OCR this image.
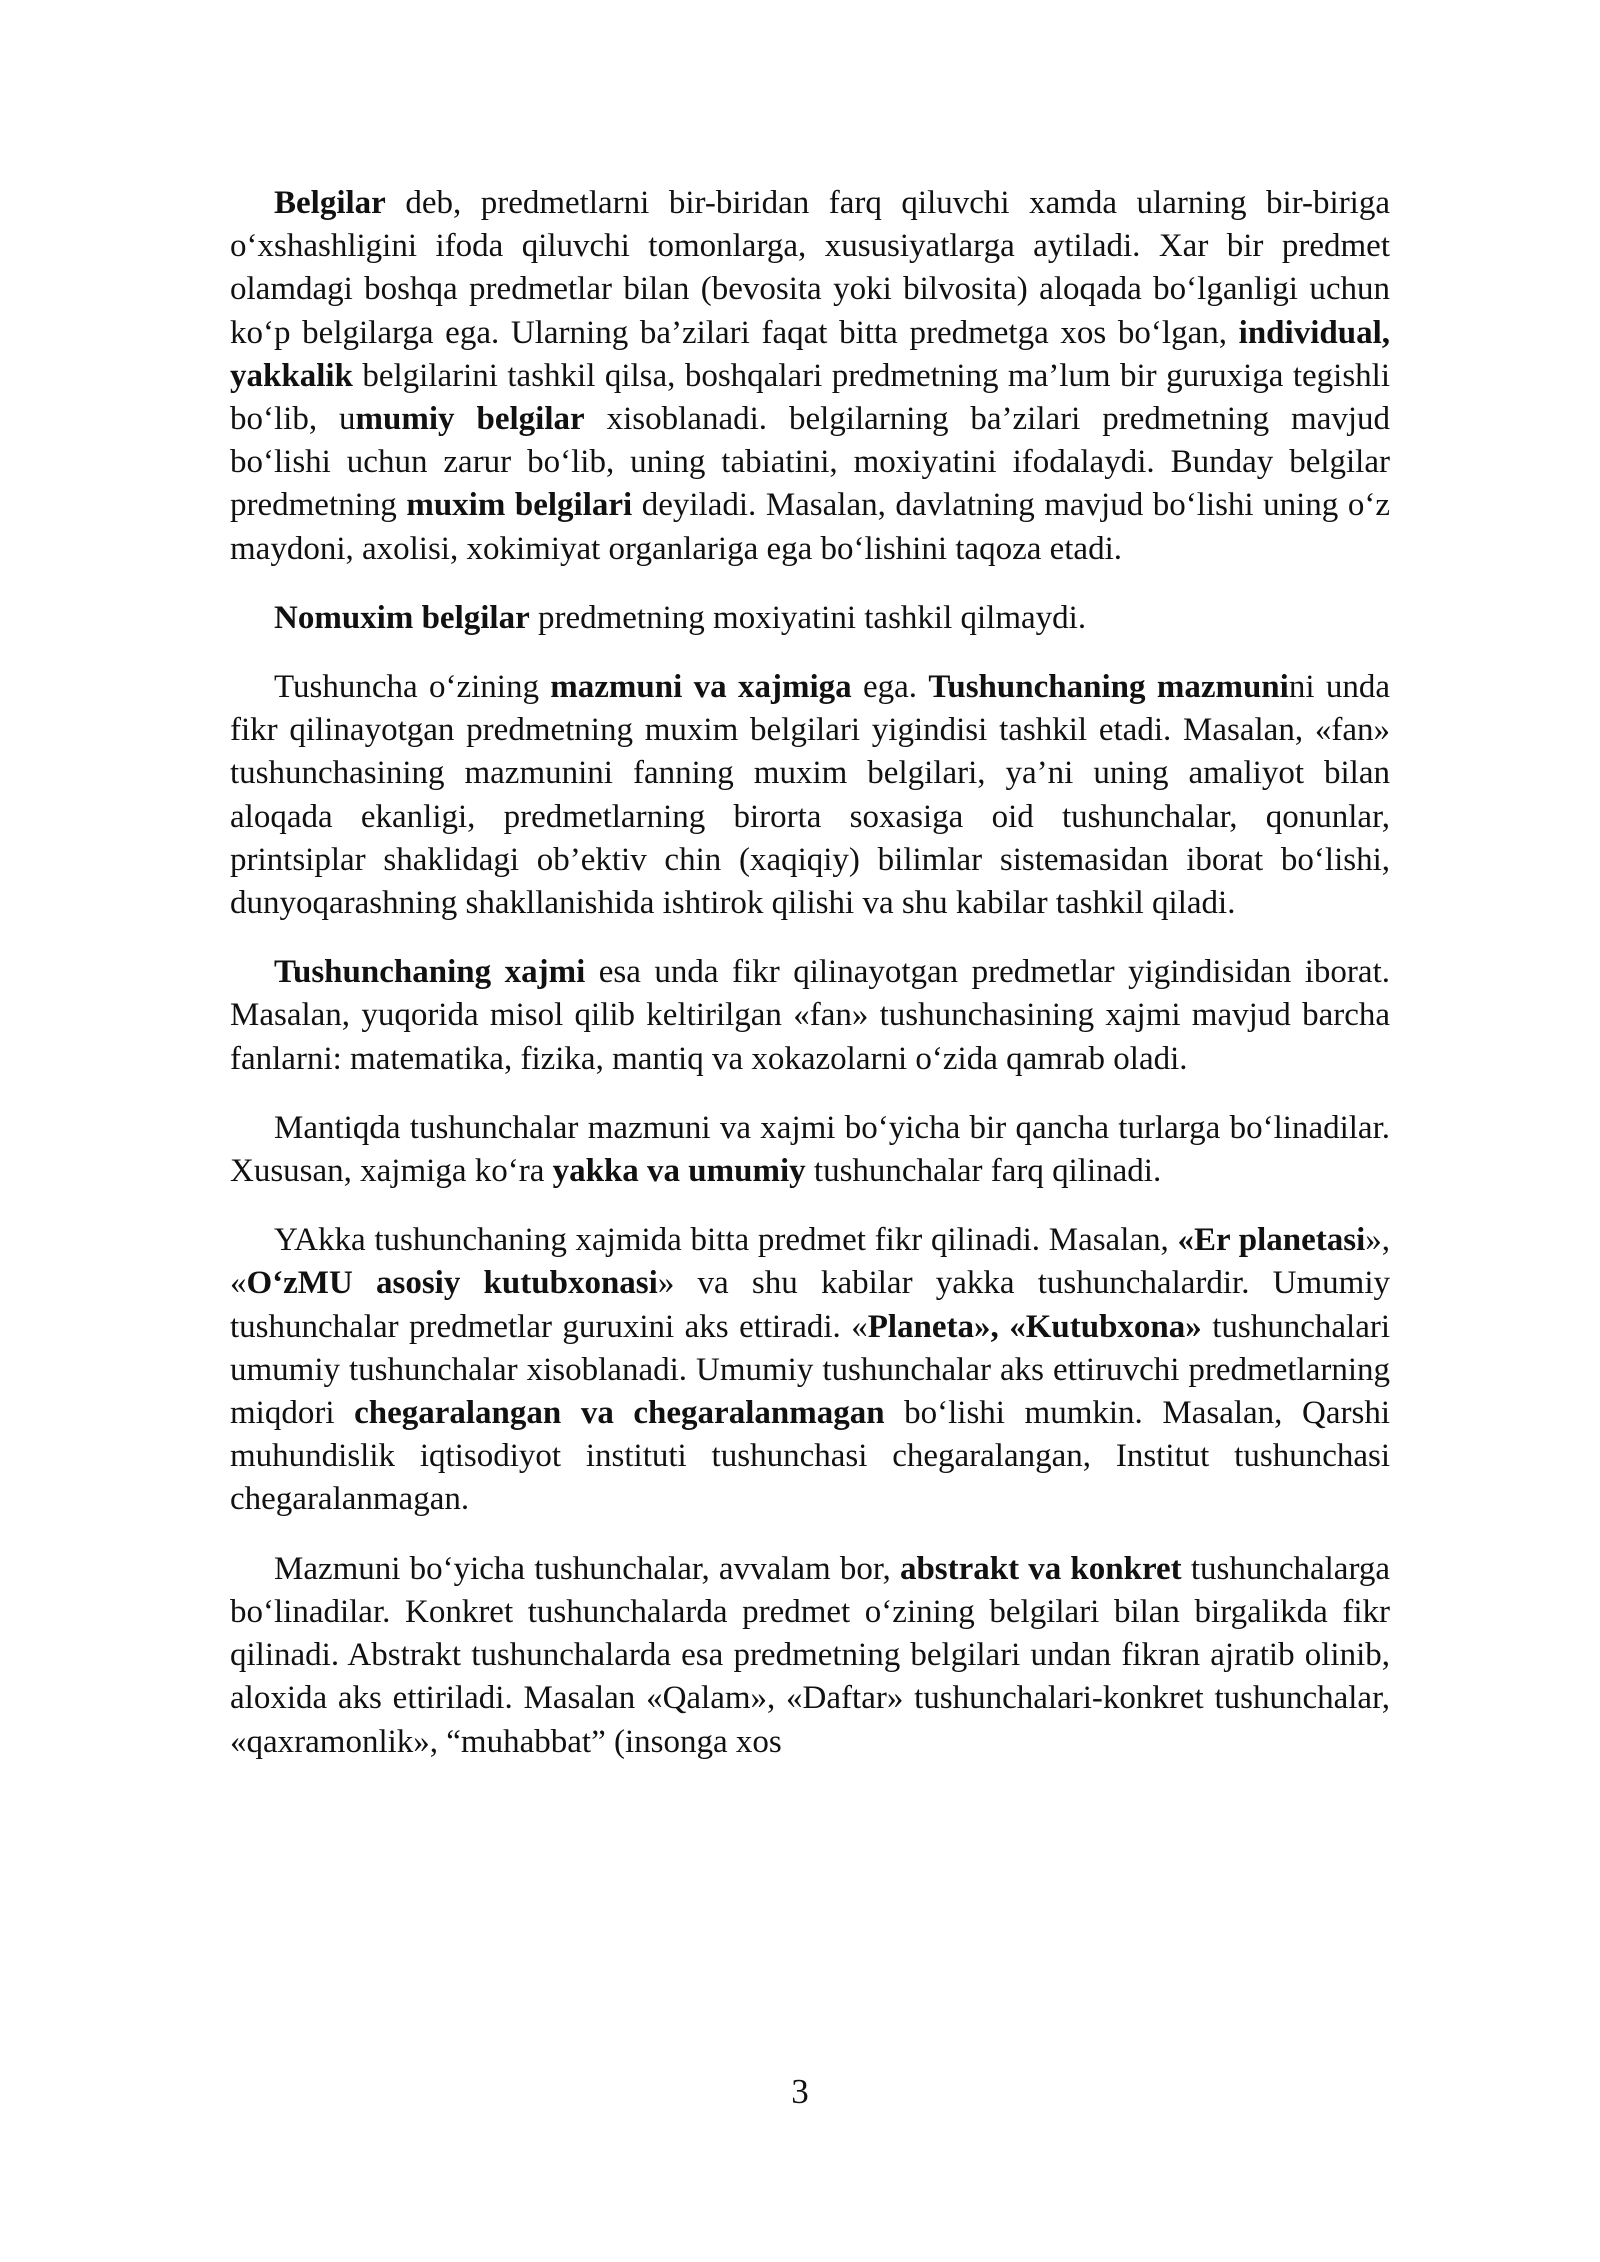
Belgilar deb, predmetlarni bir-biridan farq qiluvchi xamda ularning bir-biriga o‘xshashligini ifoda qiluvchi tomonlarga, xususiyatlarga aytiladi. Xar bir predmet olamdagi boshqa predmetlar bilan (bevosita yoki bilvosita) aloqada bo‘lganligi uchun ko‘p belgilarga ega. Ularning ba’zilari faqat bitta predmetga xos bo‘lgan, individual, yakkalik belgilarini tashkil qilsa, boshqalari predmetning ma’lum bir guruxiga tegishli bo‘lib, umumiy belgilar xisoblanadi. belgilarning ba’zilari predmetning mavjud bo‘lishi uchun zarur bo‘lib, uning tabiatini, moxiyatini ifodalaydi. Bunday belgilar predmetning muxim belgilari deyiladi. Masalan, davlatning mavjud bo‘lishi uning o‘z maydoni, axolisi, xokimiyat organlariga ega bo‘lishini taqoza etadi.

Nomuxim belgilar predmetning moxiyatini tashkil qilmaydi.

Tushuncha o‘zining mazmuni va xajmiga ega. Tushunchaning mazmunini unda fikr qilinayotgan predmetning muxim belgilari yigindisi tashkil etadi. Masalan, «fan» tushunchasining mazmunini fanning muxim belgilari, ya’ni uning amaliyot bilan aloqada ekanligi, predmetlarning birorta soxasiga oid tushunchalar, qonunlar, printsiplar shaklidagi ob’ektiv chin (xaqiqiy) bilimlar sistemasidan iborat bo‘lishi, dunyoqarashning shakllanishida ishtirok qilishi va shu kabilar tashkil qiladi.

Tushunchaning xajmi esa unda fikr qilinayotgan predmetlar yigindisidan iborat. Masalan, yuqorida misol qilib keltirilgan «fan» tushunchasining xajmi mavjud barcha fanlarni: matematika, fizika, mantiq va xokazolarni o‘zida qamrab oladi.

Mantiqda tushunchalar mazmuni va xajmi bo‘yicha bir qancha turlarga bo‘linadilar. Xususan, xajmiga ko‘ra yakka va umumiy tushunchalar farq qilinadi.

YAkka tushunchaning xajmida bitta predmet fikr qilinadi. Masalan, «Er planetasi», «O‘zMU asosiy kutubxonasi» va shu kabilar yakka tushunchalardir. Umumiy tushunchalar predmetlar guruxini aks ettiradi. «Planeta», «Kutubxona» tushunchalari umumiy tushunchalar xisoblanadi. Umumiy tushunchalar aks ettiruvchi predmetlarning miqdori chegaralangan va chegaralanmagan bo‘lishi mumkin. Masalan, Qarshi muhundislik iqtisodiyot instituti tushunchasi chegaralangan, Institut tushunchasi chegaralanmagan.

Mazmuni bo‘yicha tushunchalar, avvalam bor, abstrakt va konkret tushunchalarga bo‘linadilar. Konkret tushunchalarda predmet o‘zining belgilari bilan birgalikda fikr qilinadi. Abstrakt tushunchalarda esa predmetning belgilari undan fikran ajratib olinib, aloxida aks ettiriladi. Masalan «Qalam», «Daftar» tushunchalari-konkret tushunchalar, «qaxramonlik», “muhabbat” (insonga xos

3
